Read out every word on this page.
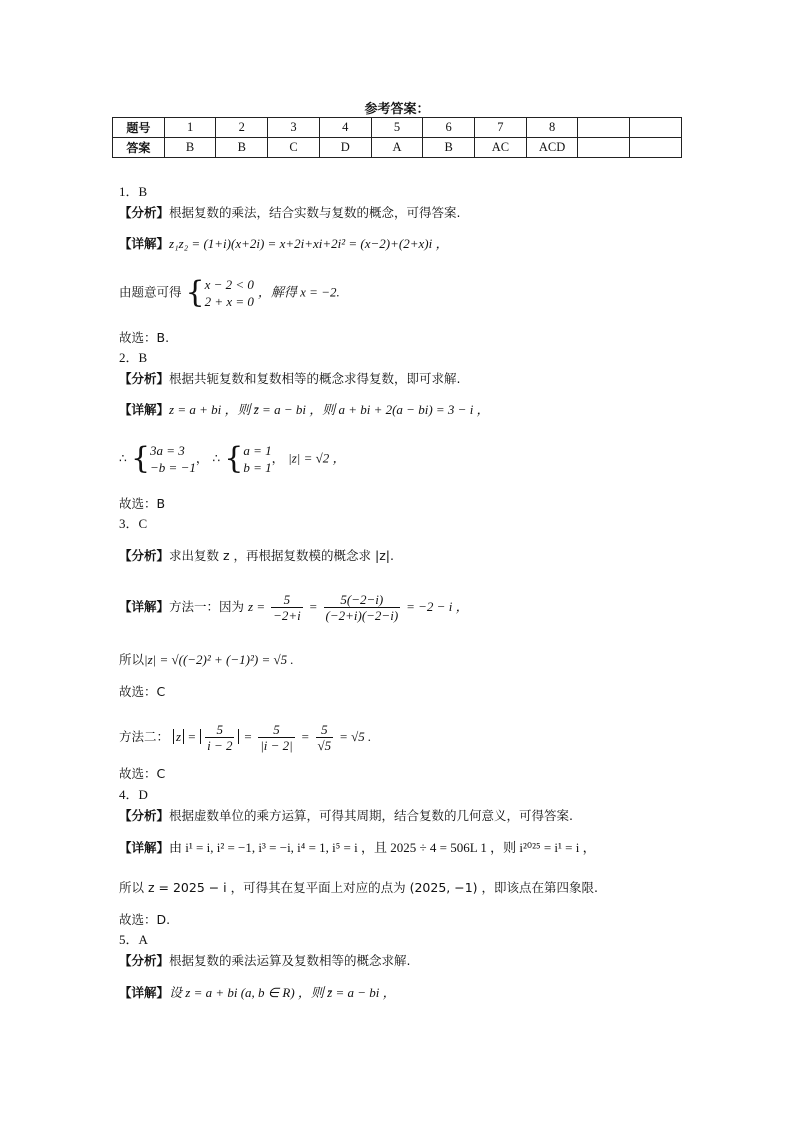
参考答案：
题号	1	2	3	4	5	6	7	8		
答案	B	B	C	D	A	B	AC	ACD		
1．B
【分析】根据复数的乘法，结合实数与复数的概念，可得答案.
【详解】z₁z₂ = (1+i)(x+2i) = x+2i+xi+2i² = (x−2)+(2+x)i ，
由题意可得 { x − 2 < 0
2 + x = 0
，解得 x = −2.
故选：B.
2．B
【分析】根据共轭复数和复数相等的概念求得复数，即可求解.
【详解】z = a + bi ，则 z̄ = a − bi ，则 a + bi + 2(a − bi) = 3 − i ，
∴ { 3a = 3
−b = −1
， ∴ { a = 1
b = 1
， |z| = √2 ，
故选：B
3．C
【分析】求出复数 z ，再根据复数模的概念求 |z|.
【详解】方法一：因为 $z = \frac{5}{-2+i} = \frac{5(-2-i)}{(-2+i)(-2-i)} = -2 - i$ ，
所以|z| = √((−2)² + (−1)²) = √5 .
故选：C
方法二： $z = \frac{5}{i - 2} = \frac{5}{|i - 2|} = \frac{5}{√5} = √5$ .
故选：C
4．D
【分析】根据虚数单位的乘方运算，可得其周期，结合复数的几何意义，可得答案.
【详解】由 i¹ = i, i² = −1, i³ = −i, i⁴ = 1, i⁵ = i ，且 2025 ÷ 4 = 506L 1 ，则 i²⁰²⁵ = i¹ = i ，
所以 z = 2025 − i ，可得其在复平面上对应的点为 (2025, −1) ，即该点在第四象限.
故选：D.
5．A
【分析】根据复数的乘法运算及复数相等的概念求解.
【详解】设 z = a + bi (a, b ∈ R) ，则 z̄ = a − bi ，
